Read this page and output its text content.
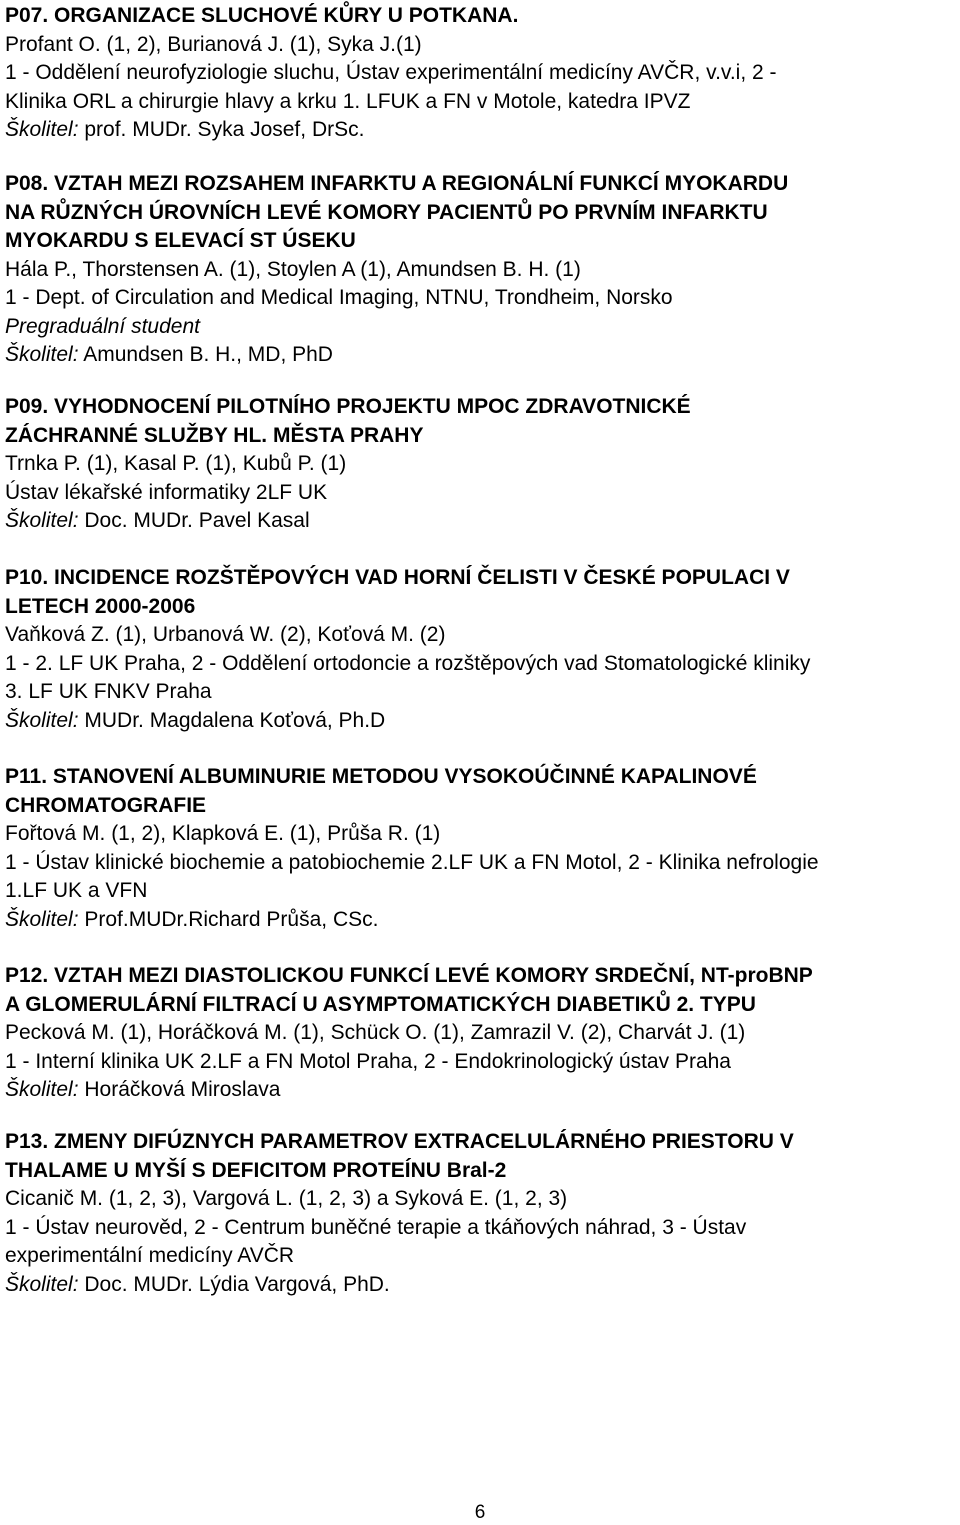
P07. ORGANIZACE SLUCHOVÉ KŮRY U POTKANA.
Profant O. (1, 2), Burianová J. (1), Syka J.(1)
1 - Oddělení neurofyziologie sluchu, Ústav experimentální medicíny AVČR, v.v.i, 2 -
Klinika ORL a chirurgie hlavy a krku 1. LFUK a FN v Motole, katedra IPVZ
Školitel: prof. MUDr. Syka Josef, DrSc.
P08. VZTAH MEZI ROZSAHEM INFARKTU A REGIONÁLNÍ FUNKCÍ MYOKARDU
NA RŮZNÝCH ÚROVNÍCH LEVÉ KOMORY PACIENTŮ PO PRVNÍM INFARKTU
MYOKARDU S ELEVACÍ ST ÚSEKU
Hála P., Thorstensen A. (1), Stoylen A (1), Amundsen B. H. (1)
1 - Dept. of Circulation and Medical Imaging, NTNU, Trondheim, Norsko
Pregraduální student
Školitel: Amundsen B. H., MD, PhD
P09. VYHODNOCENÍ PILOTNÍHO PROJEKTU MPOC ZDRAVOTNICKÉ
ZÁCHRANNÉ SLUŽBY HL. MĚSTA PRAHY
Trnka P. (1), Kasal P. (1), Kubů P. (1)
Ústav lékařské informatiky 2LF UK
Školitel: Doc. MUDr. Pavel Kasal
P10. INCIDENCE ROZŠTĚPOVÝCH VAD HORNÍ ČELISTI V ČESKÉ POPULACI V
LETECH 2000-2006
Vaňková Z. (1), Urbanová W. (2), Koťová M. (2)
1 - 2. LF UK Praha, 2 - Oddělení ortodoncie a rozštěpových vad Stomatologické kliniky
3. LF UK FNKV Praha
Školitel: MUDr. Magdalena Koťová, Ph.D
P11. STANOVENÍ ALBUMINURIE METODOU VYSOKOÚČINNÉ KAPALINOVÉ
CHROMATOGRAFIE
Fořtová M. (1, 2), Klapková E. (1), Průša R. (1)
1 - Ústav klinické biochemie a patobiochemie 2.LF UK a FN Motol, 2 - Klinika nefrologie
1.LF UK a VFN
Školitel: Prof.MUDr.Richard Průša, CSc.
P12. VZTAH MEZI DIASTOLICKOU FUNKCÍ LEVÉ KOMORY SRDEČNÍ, NT-proBNP
A GLOMERULÁRNÍ FILTRACÍ U ASYMPTOMATICKÝCH DIABETIKŮ 2. TYPU
Pecková M. (1), Horáčková M. (1), Schück O. (1), Zamrazil V. (2), Charvát J. (1)
1 - Interní klinika UK 2.LF a FN Motol Praha, 2 - Endokrinologický ústav Praha
Školitel: Horáčková Miroslava
P13. ZMENY DIFÚZNYCH PARAMETROV EXTRACELULÁRNÉHO PRIESTORU V
THALAME U MYŠÍ S DEFICITOM PROTEÍNU Bral-2
Cicanič M. (1, 2, 3), Vargová L. (1, 2, 3) a Syková E. (1, 2, 3)
1 - Ústav neurověd, 2 - Centrum buněčné terapie a tkáňových náhrad, 3 - Ústav
experimentální medicíny AVČR
Školitel: Doc. MUDr. Lýdia Vargová, PhD.
6
